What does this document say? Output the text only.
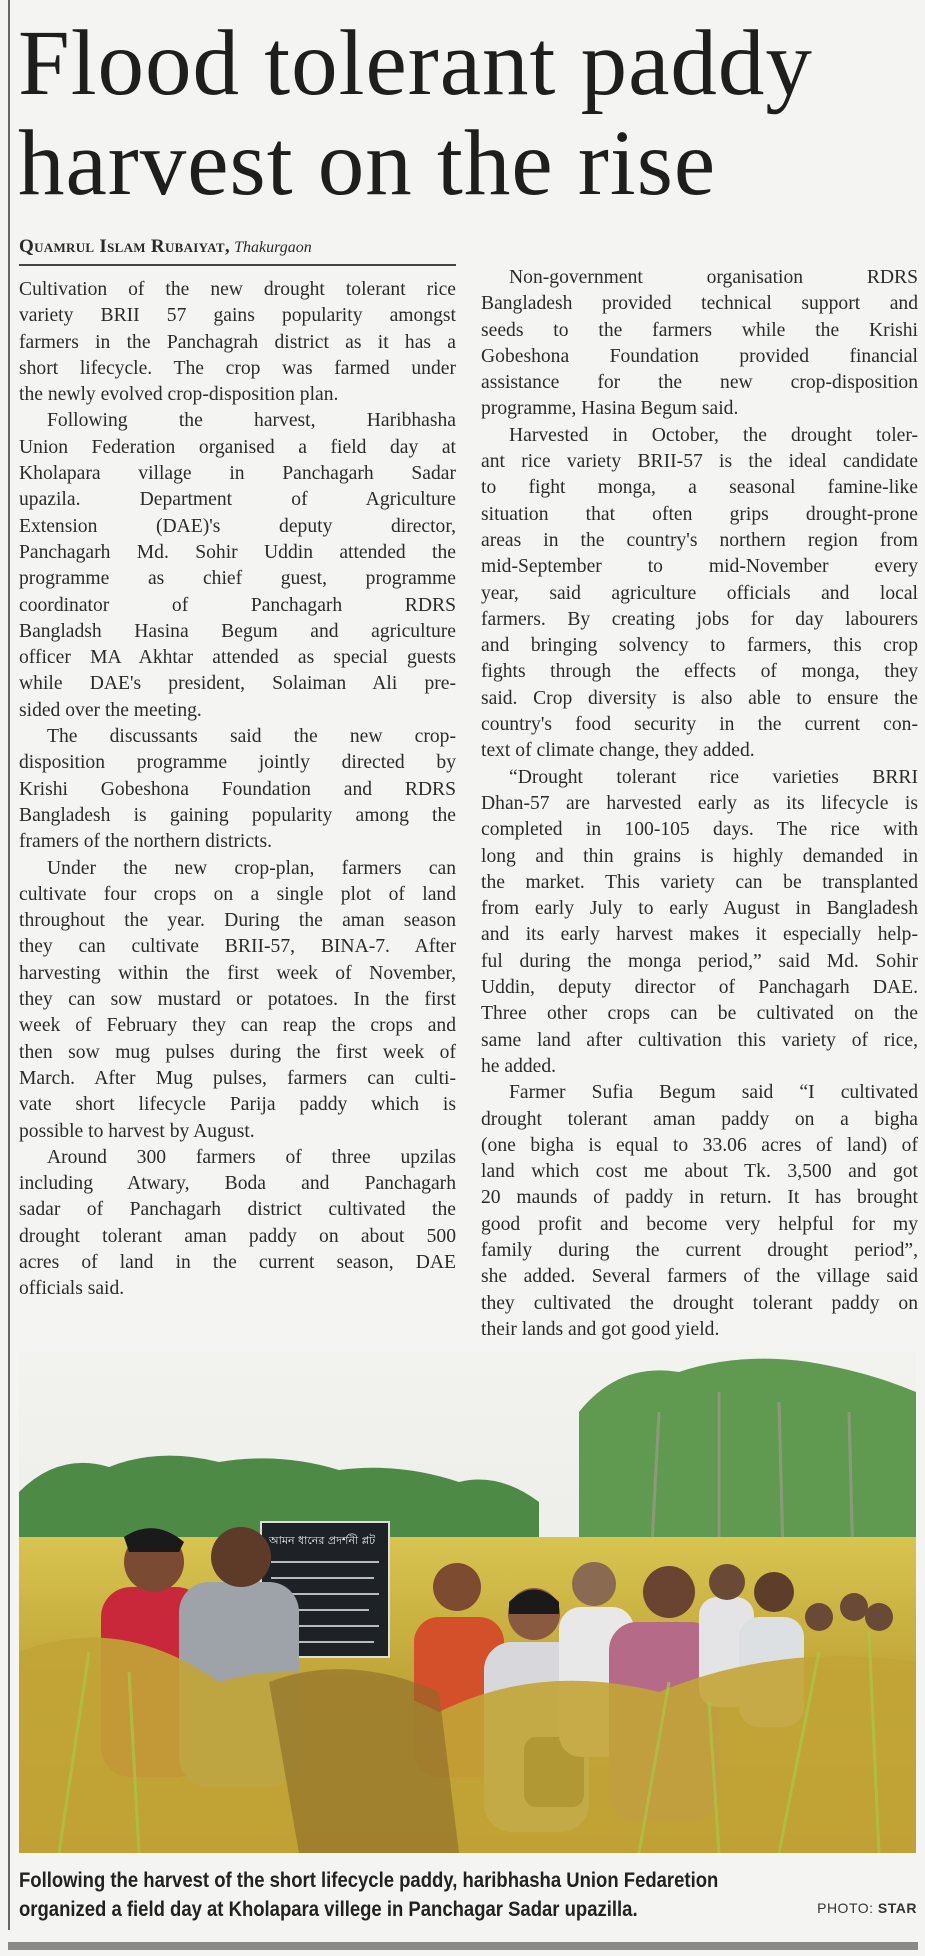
Flood tolerant paddy
harvest on the rise
Quamrul Islam Rubaiyat, Thakurgaon
Cultivation of the new drought tolerant rice
variety BRII 57 gains popularity amongst
farmers in the Panchagrah district as it has a
short lifecycle. The crop was farmed under
the newly evolved crop-disposition plan.
Following the harvest, Haribhasha
Union Federation organised a field day at
Kholapara village in Panchagarh Sadar
upazila. Department of Agriculture
Extension (DAE)'s deputy director,
Panchagarh Md. Sohir Uddin attended the
programme as chief guest, programme
coordinator of Panchagarh RDRS
Bangladsh Hasina Begum and agriculture
officer MA Akhtar attended as special guests
while DAE's president, Solaiman Ali pre-
sided over the meeting.
The discussants said the new crop-
disposition programme jointly directed by
Krishi Gobeshona Foundation and RDRS
Bangladesh is gaining popularity among the
framers of the northern districts.
Under the new crop-plan, farmers can
cultivate four crops on a single plot of land
throughout the year. During the aman season
they can cultivate BRII-57, BINA-7. After
harvesting within the first week of November,
they can sow mustard or potatoes. In the first
week of February they can reap the crops and
then sow mug pulses during the first week of
March. After Mug pulses, farmers can culti-
vate short lifecycle Parija paddy which is
possible to harvest by August.
Around 300 farmers of three upzilas
including Atwary, Boda and Panchagarh
sadar of Panchagarh district cultivated the
drought tolerant aman paddy on about 500
acres of land in the current season, DAE
officials said.
Non-government organisation RDRS
Bangladesh provided technical support and
seeds to the farmers while the Krishi
Gobeshona Foundation provided financial
assistance for the new crop-disposition
programme, Hasina Begum said.
Harvested in October, the drought toler-
ant rice variety BRII-57 is the ideal candidate
to fight monga, a seasonal famine-like
situation that often grips drought-prone
areas in the country's northern region from
mid-September to mid-November every
year, said agriculture officials and local
farmers. By creating jobs for day labourers
and bringing solvency to farmers, this crop
fights through the effects of monga, they
said. Crop diversity is also able to ensure the
country's food security in the current con-
text of climate change, they added.
“Drought tolerant rice varieties BRRI
Dhan-57 are harvested early as its lifecycle is
completed in 100-105 days. The rice with
long and thin grains is highly demanded in
the market. This variety can be transplanted
from early July to early August in Bangladesh
and its early harvest makes it especially help-
ful during the monga period,” said Md. Sohir
Uddin, deputy director of Panchagarh DAE.
Three other crops can be cultivated on the
same land after cultivation this variety of rice,
he added.
Farmer Sufia Begum said “I cultivated
drought tolerant aman paddy on a bigha
(one bigha is equal to 33.06 acres of land) of
land which cost me about Tk. 3,500 and got
20 maunds of paddy in return. It has brought
good profit and become very helpful for my
family during the current drought period”,
she added. Several farmers of the village said
they cultivated the drought tolerant paddy on
their lands and got good yield.
আমন ধানের প্রদর্শনী প্লট
Following the harvest of the short lifecycle paddy, haribhasha Union Fedaretion
organized a field day at Kholapara villege in Panchagar Sadar upazilla.	PHOTO: STAR
